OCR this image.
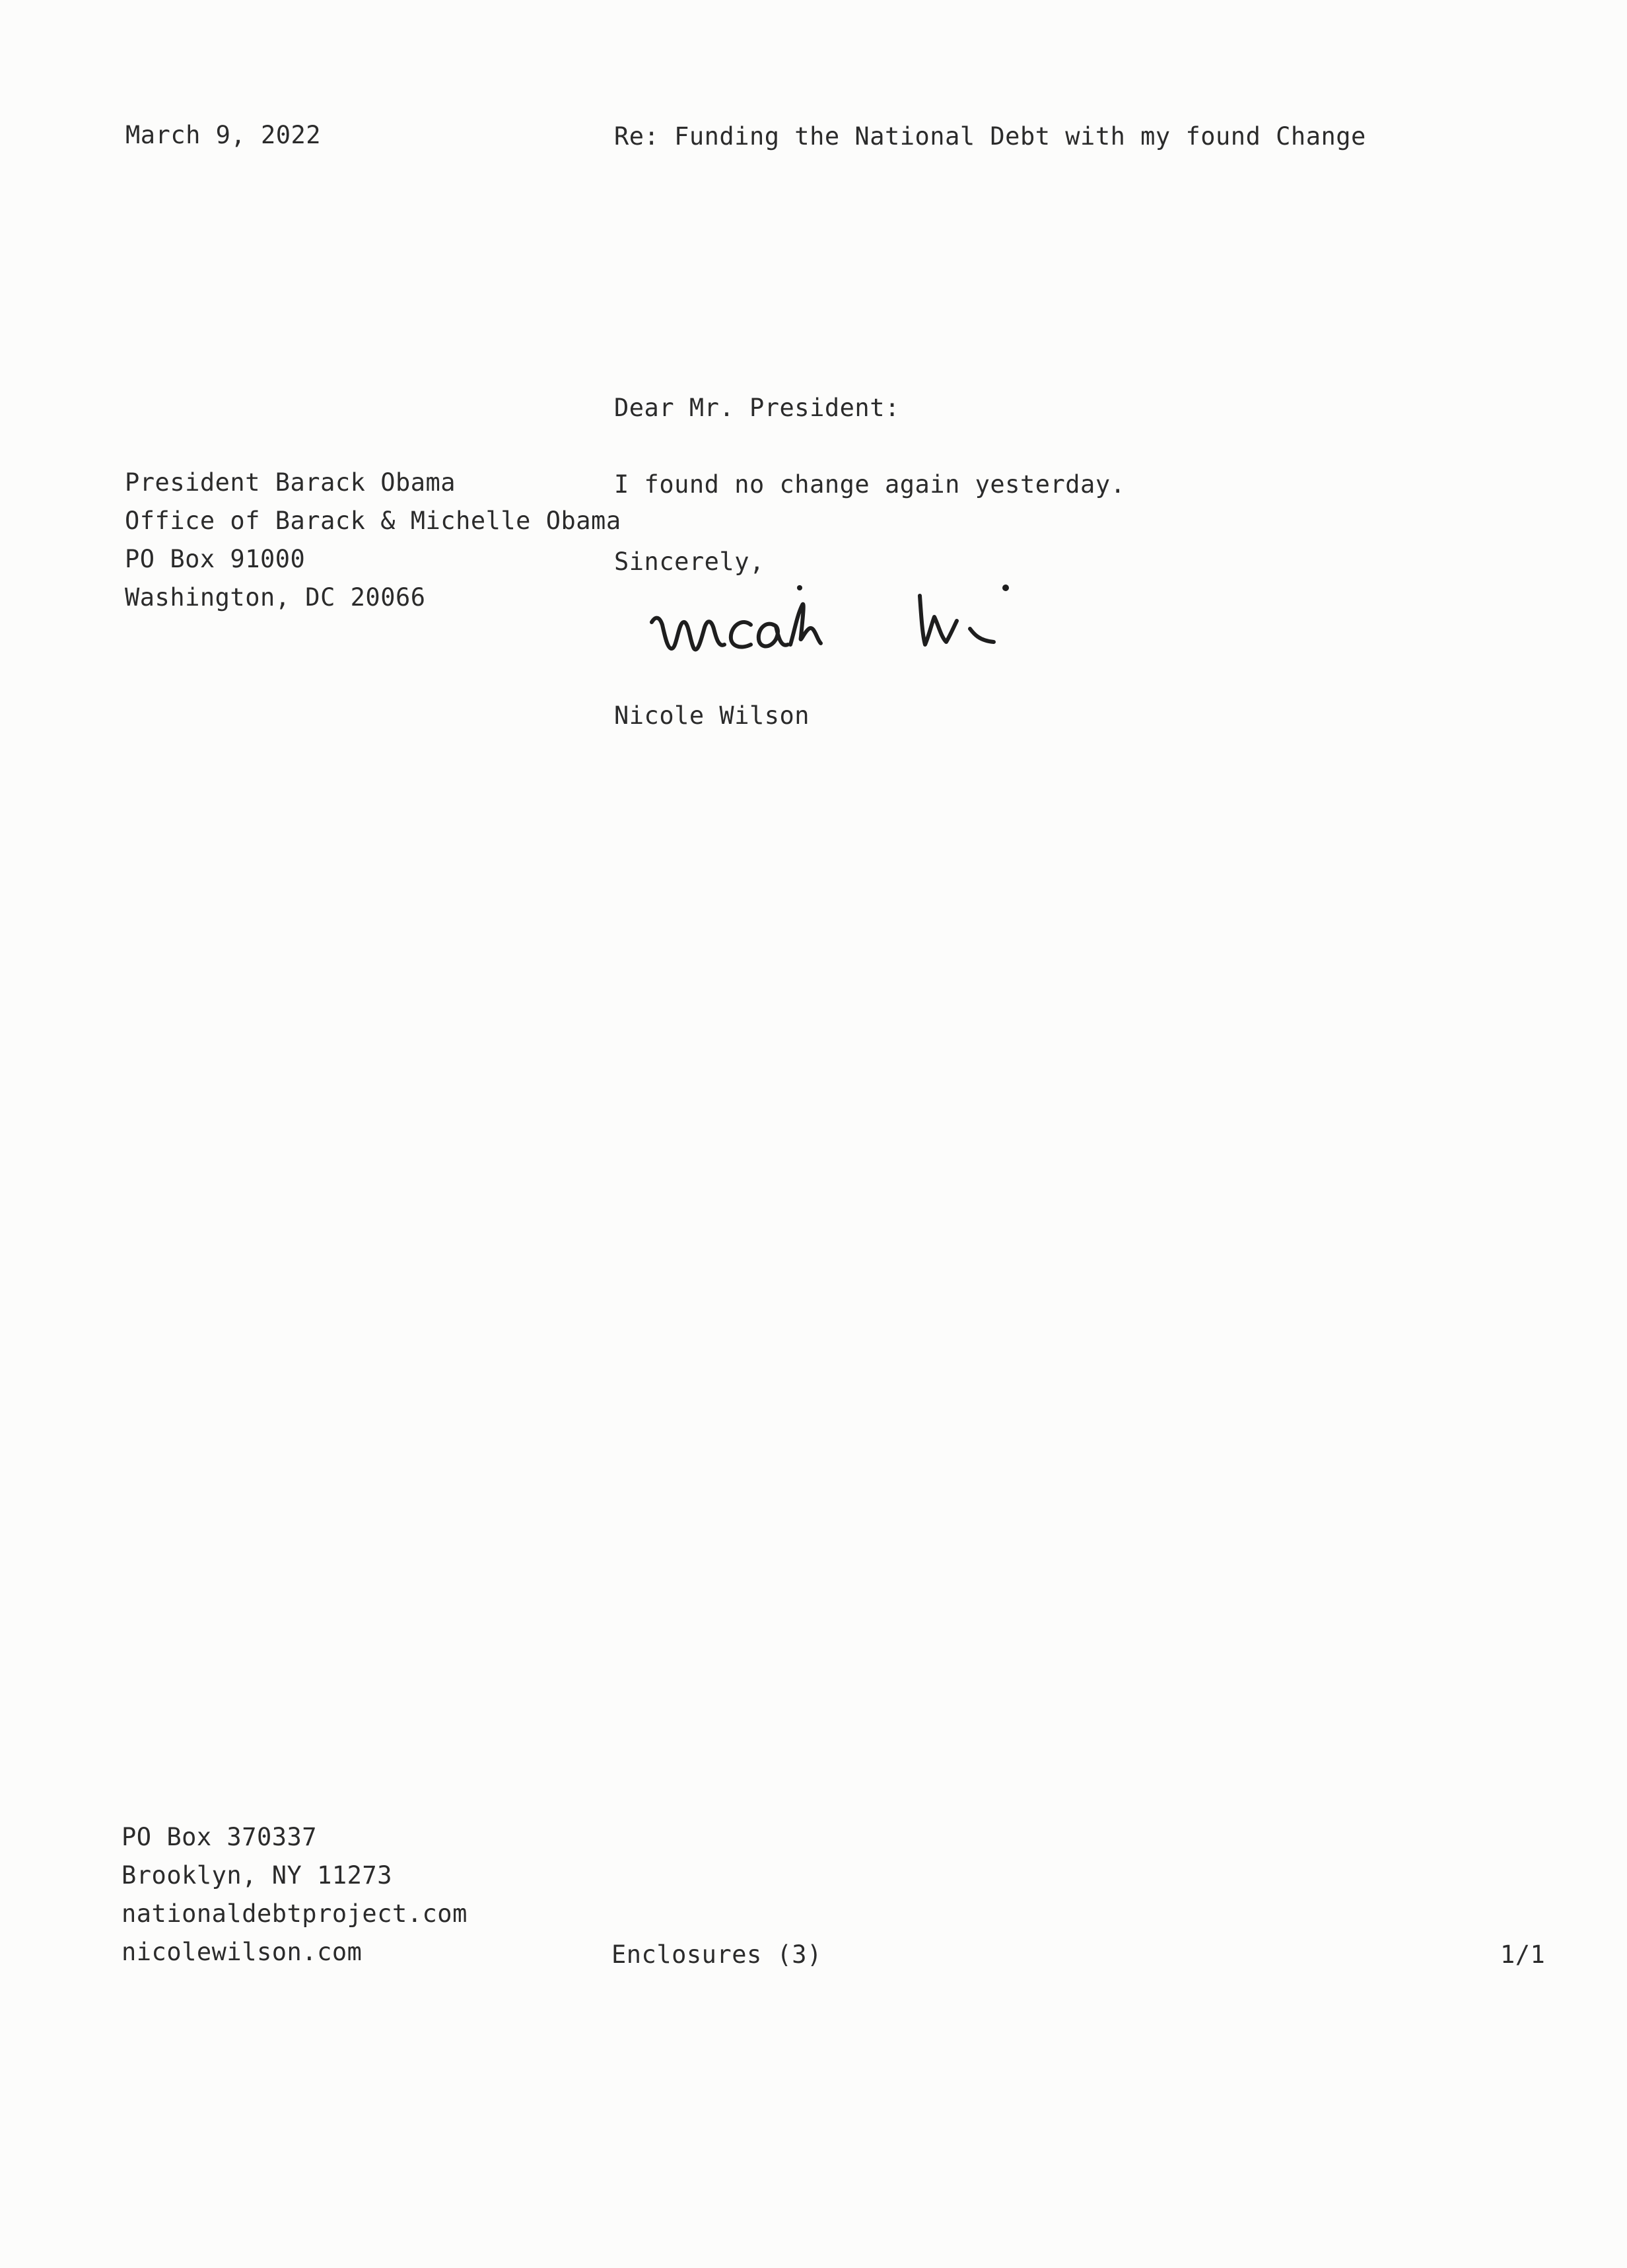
March 9, 2022	Re: Funding the National Debt with my found Change
Dear Mr. President:
President Barack Obama
Office of Barack & Michelle Obama
PO Box 91000
Washington, DC 20066
I found no change again yesterday.
Sincerely,
Nicole Wilson
PO Box 370337
Brooklyn, NY 11273
nationaldebtproject.com
nicolewilson.com	Enclosures (3)	1/1
